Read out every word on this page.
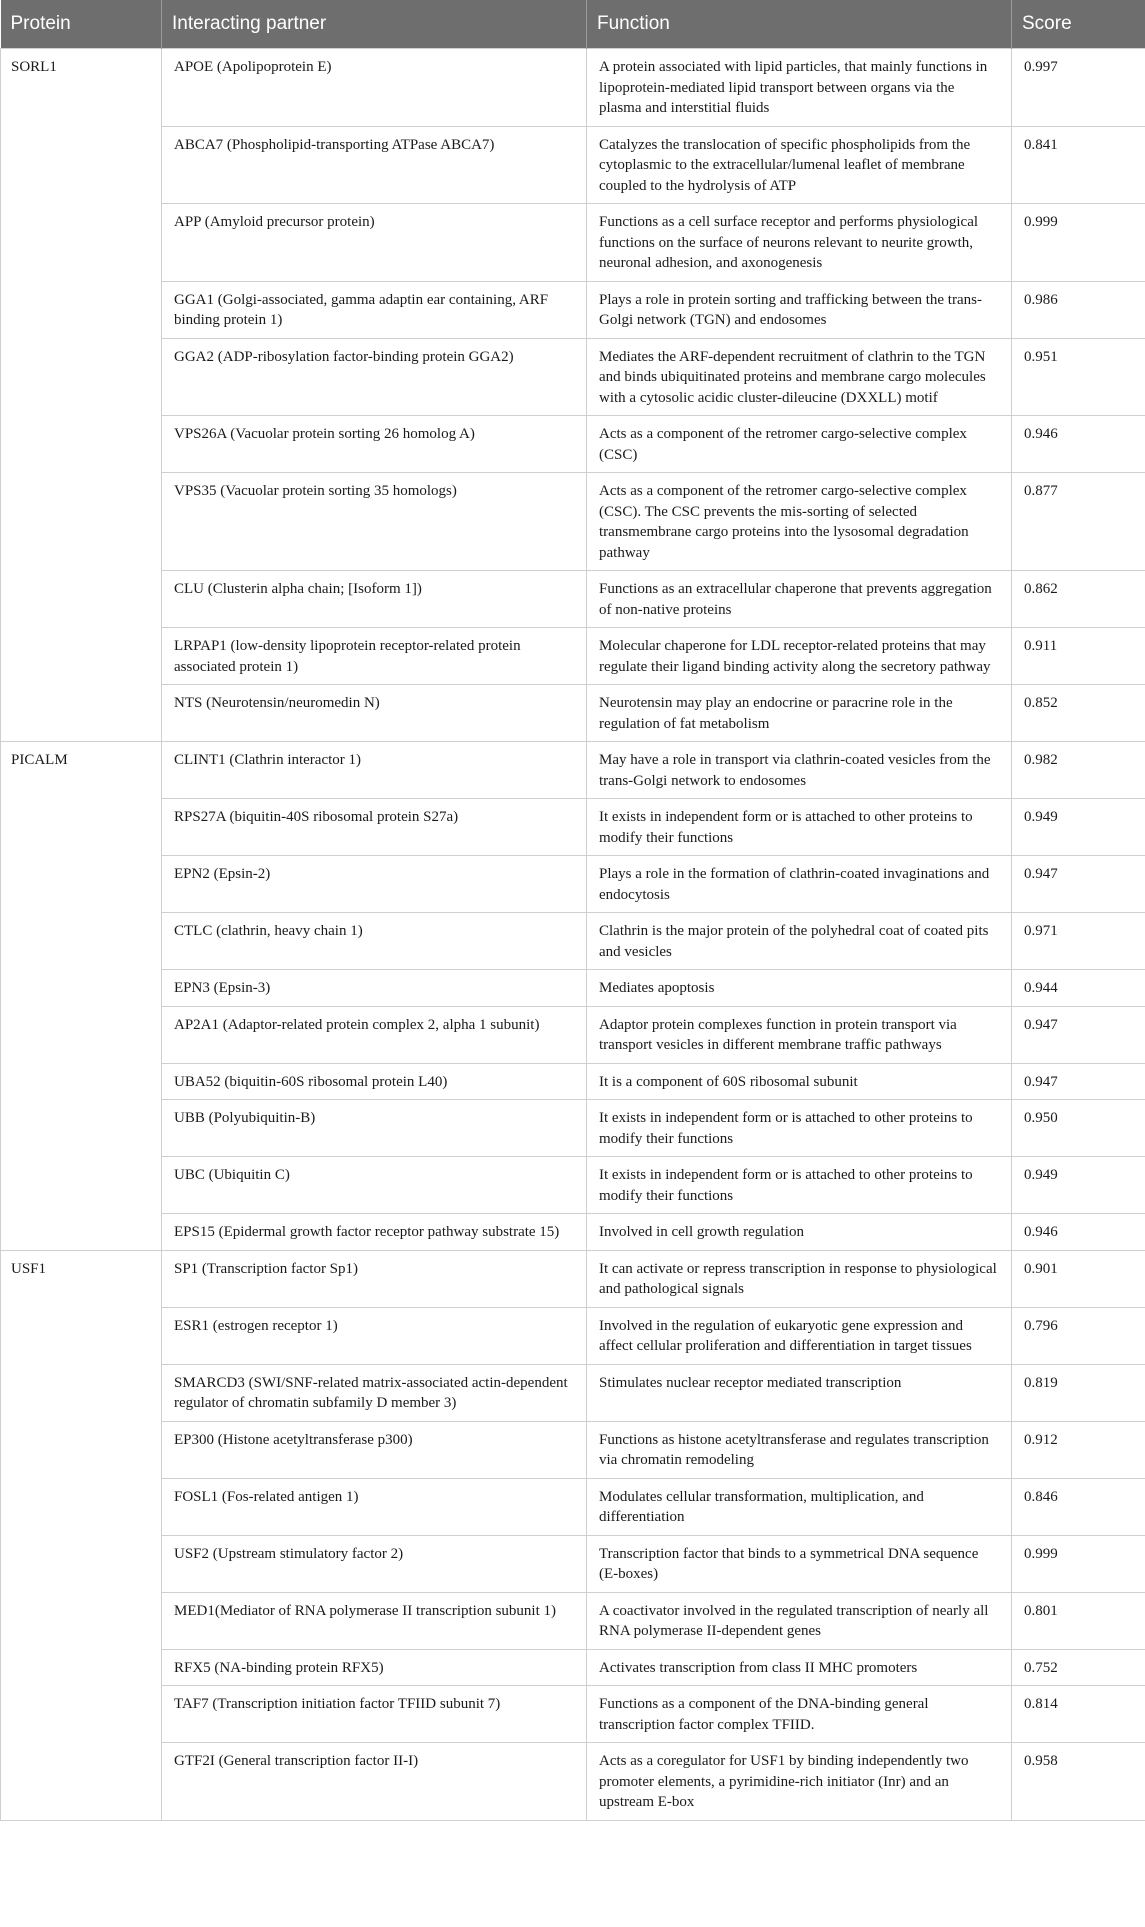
Protein	Interacting partner	Function	Score
SORL1	APOE (Apolipoprotein E)	A protein associated with lipid particles, that mainly functions in lipoprotein-mediated lipid transport between organs via the plasma and interstitial fluids	0.997
	ABCA7 (Phospholipid-transporting ATPase ABCA7)	Catalyzes the translocation of specific phospholipids from the cytoplasmic to the extracellular/lumenal leaflet of membrane coupled to the hydrolysis of ATP	0.841
	APP (Amyloid precursor protein)	Functions as a cell surface receptor and performs physiological functions on the surface of neurons relevant to neurite growth, neuronal adhesion, and axonogenesis	0.999
	GGA1 (Golgi-associated, gamma adaptin ear containing, ARF binding protein 1)	Plays a role in protein sorting and trafficking between the trans-Golgi network (TGN) and endosomes	0.986
	GGA2 (ADP-ribosylation factor-binding protein GGA2)	Mediates the ARF-dependent recruitment of clathrin to the TGN and binds ubiquitinated proteins and membrane cargo molecules with a cytosolic acidic cluster-dileucine (DXXLL) motif	0.951
	VPS26A (Vacuolar protein sorting 26 homolog A)	Acts as a component of the retromer cargo-selective complex (CSC)	0.946
	VPS35 (Vacuolar protein sorting 35 homologs)	Acts as a component of the retromer cargo-selective complex (CSC). The CSC prevents the mis-sorting of selected transmembrane cargo proteins into the lysosomal degradation pathway	0.877
	CLU (Clusterin alpha chain; [Isoform 1])	Functions as an extracellular chaperone that prevents aggregation of non-native proteins	0.862
	LRPAP1 (low-density lipoprotein receptor-related protein associated protein 1)	Molecular chaperone for LDL receptor-related proteins that may regulate their ligand binding activity along the secretory pathway	0.911
	NTS (Neurotensin/neuromedin N)	Neurotensin may play an endocrine or paracrine role in the regulation of fat metabolism	0.852
PICALM	CLINT1 (Clathrin interactor 1)	May have a role in transport via clathrin-coated vesicles from the trans-Golgi network to endosomes	0.982
	RPS27A (biquitin-40S ribosomal protein S27a)	It exists in independent form or is attached to other proteins to modify their functions	0.949
	EPN2 (Epsin-2)	Plays a role in the formation of clathrin-coated invaginations and endocytosis	0.947
	CTLC (clathrin, heavy chain 1)	Clathrin is the major protein of the polyhedral coat of coated pits and vesicles	0.971
	EPN3 (Epsin-3)	Mediates apoptosis	0.944
	AP2A1 (Adaptor-related protein complex 2, alpha 1 subunit)	Adaptor protein complexes function in protein transport via transport vesicles in different membrane traffic pathways	0.947
	UBA52 (biquitin-60S ribosomal protein L40)	It is a component of 60S ribosomal subunit	0.947
	UBB (Polyubiquitin-B)	It exists in independent form or is attached to other proteins to modify their functions	0.950
	UBC (Ubiquitin C)	It exists in independent form or is attached to other proteins to modify their functions	0.949
	EPS15 (Epidermal growth factor receptor pathway substrate 15)	Involved in cell growth regulation	0.946
USF1	SP1 (Transcription factor Sp1)	It can activate or repress transcription in response to physiological and pathological signals	0.901
	ESR1 (estrogen receptor 1)	Involved in the regulation of eukaryotic gene expression and affect cellular proliferation and differentiation in target tissues	0.796
	SMARCD3 (SWI/SNF-related matrix-associated actin-dependent regulator of chromatin subfamily D member 3)	Stimulates nuclear receptor mediated transcription	0.819
	EP300 (Histone acetyltransferase p300)	Functions as histone acetyltransferase and regulates transcription via chromatin remodeling	0.912
	FOSL1 (Fos-related antigen 1)	Modulates cellular transformation, multiplication, and differentiation	0.846
	USF2 (Upstream stimulatory factor 2)	Transcription factor that binds to a symmetrical DNA sequence (E-boxes)	0.999
	MED1(Mediator of RNA polymerase II transcription subunit 1)	A coactivator involved in the regulated transcription of nearly all RNA polymerase II-dependent genes	0.801
	RFX5 (NA-binding protein RFX5)	Activates transcription from class II MHC promoters	0.752
	TAF7 (Transcription initiation factor TFIID subunit 7)	Functions as a component of the DNA-binding general transcription factor complex TFIID.	0.814
	GTF2I (General transcription factor II-I)	Acts as a coregulator for USF1 by binding independently two promoter elements, a pyrimidine-rich initiator (Inr) and an upstream E-box	0.958
